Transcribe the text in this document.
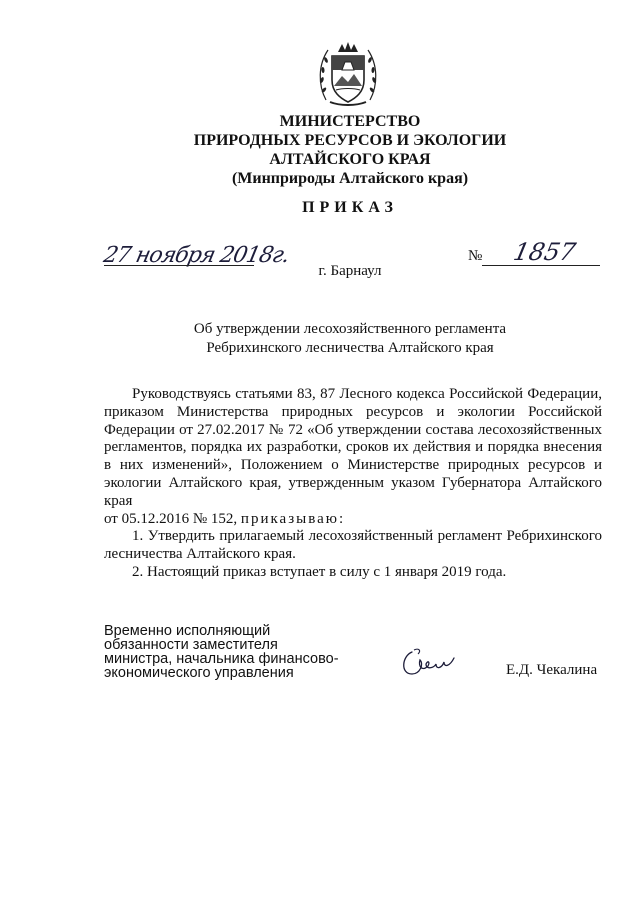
МИНИСТЕРСТВО
ПРИРОДНЫХ РЕСУРСОВ И ЭКОЛОГИИ
АЛТАЙСКОГО КРАЯ
(Минприроды Алтайского края)
ПРИКАЗ
27 ноября 2018г.	№ 1857
г. Барнаул
Об утверждении лесохозяйственного регламента
Ребрихинского лесничества Алтайского края

Руководствуясь статьями 83, 87 Лесного кодекса Российской Федерации, приказом Министерства природных ресурсов и экологии Российской Федерации от 27.02.2017 № 72 «Об утверждении состава лесохозяйственных регламентов, порядка их разработки, сроков их действия и порядка внесения в них изменений», Положением о Министерстве природных ресурсов и экологии Алтайского края, утвержденным указом Губернатора Алтайского края

от 05.12.2016 № 152, приказываю:

1. Утвердить прилагаемый лесохозяйственный регламент Ребрихинского лесничества Алтайского края.

2. Настоящий приказ вступает в силу с 1 января 2019 года.

Временно исполняющий
обязанности заместителя
министра, начальника финансово-
экономического управления	Е.Д. Чекалина
